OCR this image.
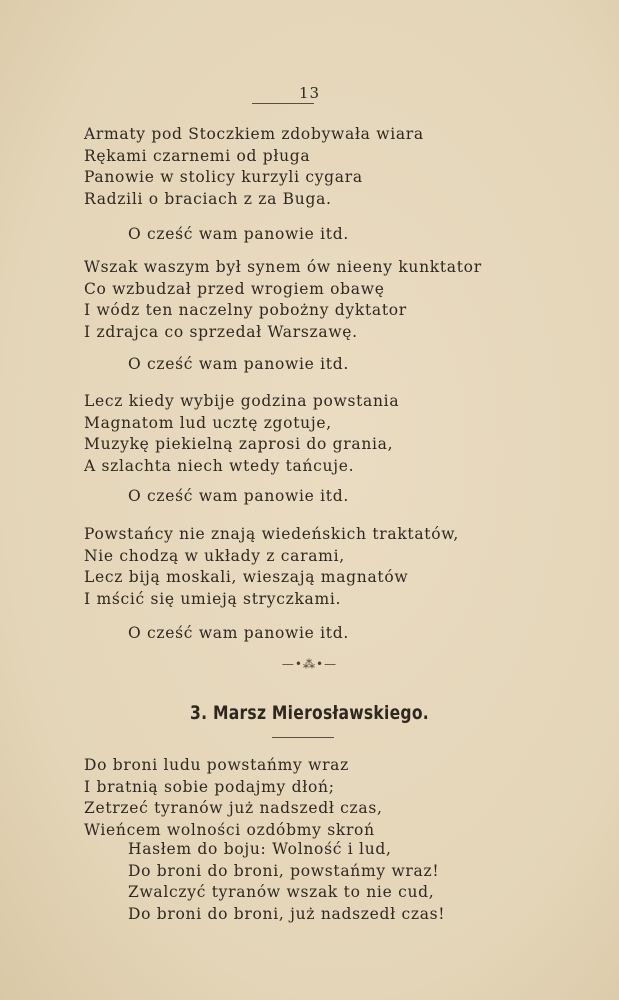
13
Armaty pod Stoczkiem zdobywała wiara
Rękami czarnemi od pługa
Panowie w stolicy kurzyli cygara
Radzili o braciach z za Buga.
O cześć wam panowie itd.
Wszak waszym był synem ów nieeny kunktator
Co wzbudzał przed wrogiem obawę
I wódz ten naczelny pobożny dyktator
I zdrajca co sprzedał Warszawę.
O cześć wam panowie itd.
Lecz kiedy wybije godzina powstania
Magnatom lud ucztę zgotuje,
Muzykę piekielną zaprosi do grania,
A szlachta niech wtedy tańcuje.
O cześć wam panowie itd.
Powstańcy nie znają wiedeńskich traktatów,
Nie chodzą w układy z carami,
Lecz biją moskali, wieszają magnatów
I mścić się umieją stryczkami.
O cześć wam panowie itd.
—•⁂•—
3. Marsz Mierosławskiego.
Do broni ludu powstańmy wraz
I bratnią sobie podajmy dłoń;
Zetrzeć tyranów już nadszedł czas,
Wieńcem wolności ozdóbmy skroń
Hasłem do boju: Wolność i lud,
Do broni do broni, powstańmy wraz!
Zwalczyć tyranów wszak to nie cud,
Do broni do broni, już nadszedł czas!
